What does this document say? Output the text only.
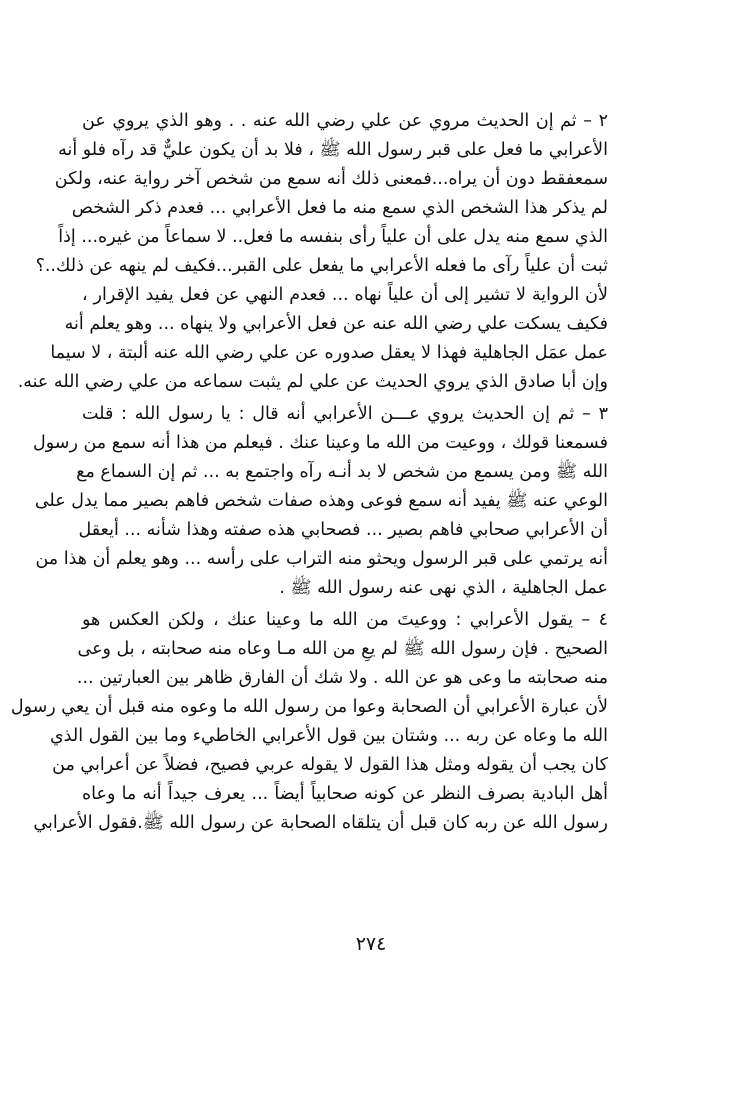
٢ – ثم إن الحديث مروي عن علي رضي الله عنه . . وهو الذي يروي عن
الأعرابي ما فعل على قبر رسول الله ﷺ ، فلا بد أن يكون عليٌّ قد رآه فلو أنه
سمعفقط دون أن يراه...فمعنى ذلك أنه سمع من شخص آخر رواية عنه، ولكن
لم يذكر هذا الشخص الذي سمع منه ما فعل الأعرابي ... فعدم ذكر الشخص
الذي سمع منه يدل على أن علياً رأى بنفسه ما فعل.. لا سماعاً من غيره... إذاً
ثبت أن علياً رآى ما فعله الأعرابي ما يفعل على القبر...فكيف لم ينهه عن ذلك..؟
لأن الرواية لا تشير إلى أن علياً نهاه ... فعدم النهي عن فعل يفيد الإقرار ،
فكيف يسكت علي رضي الله عنه عن فعل الأعرابي ولا ينهاه ... وهو يعلم أنه
عمل عمَل الجاهلية فهذا لا يعقل صدوره عن علي رضي الله عنه ألبتة ، لا سيما
وإن أبا صادق الذي يروي الحديث عن علي لم يثبت سماعه من علي رضي الله عنه.
٣ – ثم إن الحديث يروي عـــن الأعرابي أنه قال : يا رسول الله : قلت
فسمعنا قولك ، ووعيت من الله ما وعينا عنك . فيعلم من هذا أنه سمع من رسول
الله ﷺ ومن يسمع من شخص لا بد أنـه رآه واجتمع به ... ثم إن السماع مع
الوعي عنه ﷺ يفيد أنه سمع فوعى وهذه صفات شخص فاهم بصير مما يدل على
أن الأعرابي صحابي فاهم بصير ... فصحابي هذه صفته وهذا شأنه ... أيعقل
أنه يرتمي على قبر الرسول ويحثو منه التراب على رأسه ... وهو يعلم أن هذا من
عمل الجاهلية ، الذي نهى عنه رسول الله ﷺ .
٤ – يقول الأعرابي : ووعيتَ من الله ما وعينا عنك ، ولكن العكس هو
الصحيح . فإن رسول الله ﷺ لم يعِ من الله مـا وعاه منه صحابته ، بل وعى
منه صحابته ما وعى هو عن الله . ولا شك أن الفارق ظاهر بين العبارتين ...
لأن عبارة الأعرابي أن الصحابة وعوا من رسول الله ما وعوه منه قبل أن يعي رسول
الله ما وعاه عن ربه ... وشتان بين قول الأعرابي الخاطيء وما بين القول الذي
كان يجب أن يقوله ومثل هذا القول لا يقوله عربي فصيح، فضلاً عن أعرابي من
أهل البادية بصرف النظر عن كونه صحابياً أيضاً ... يعرف جيداً أنه ما وعاه
رسول الله عن ربه كان قبل أن يتلقاه الصحابة عن رسول الله ﷺ.فقول الأعرابي
٢٧٤
